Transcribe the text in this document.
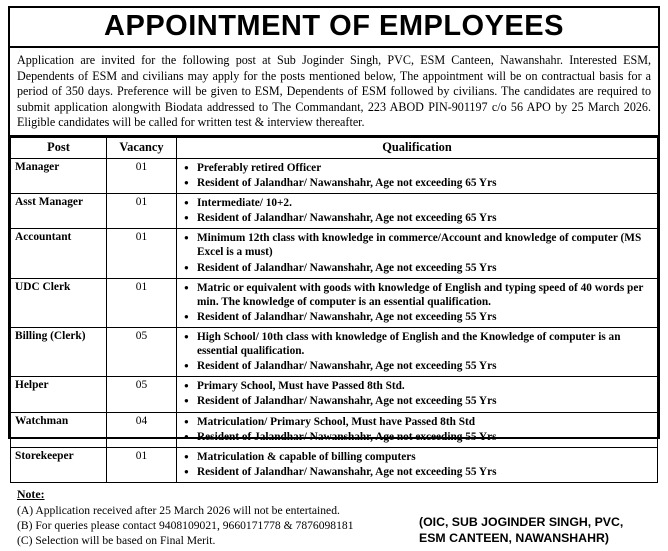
APPOINTMENT OF EMPLOYEES
Application are invited for the following post at Sub Joginder Singh, PVC, ESM Canteen, Nawanshahr. Interested ESM, Dependents of ESM and civilians may apply for the posts mentioned below, The appointment will be on contractual basis for a period of 350 days. Preference will be given to ESM, Dependents of ESM followed by civilians. The candidates are required to submit application alongwith Biodata addressed to The Commandant, 223 ABOD PIN-901197 c/o 56 APO by 25 March 2026. Eligible candidates will be called for written test & interview thereafter.
Post	Vacancy	Qualification
Manager	01	
●Preferably retired Officer
● Resident of Jalandhar/ Nawanshahr, Age not exceeding 65 Yrs

Asst Manager	01	
●Intermediate/ 10+2.
● Resident of Jalandhar/ Nawanshahr, Age not exceeding 65 Yrs

Accountant	01	
●Minimum 12th class with knowledge in commerce/Account and knowledge of computer (MS Excel is a must)
● Resident of Jalandhar/ Nawanshahr, Age not exceeding 55 Yrs

UDC Clerk	01	
●Matric or equivalent with goods with knowledge of English and typing speed of 40 words per min. The knowledge of computer is an essential qualification.
● Resident of Jalandhar/ Nawanshahr, Age not exceeding 55 Yrs

Billing (Clerk)	05	
●High School/ 10th class with knowledge of English and the Knowledge of computer is an essential qualification.
● Resident of Jalandhar/ Nawanshahr, Age not exceeding 55 Yrs

Helper	05	
●Primary School, Must have Passed 8th Std.
● Resident of Jalandhar/ Nawanshahr, Age not exceeding 55 Yrs

Watchman	04	
●Matriculation/ Primary School, Must have Passed 8th Std
● Resident of Jalandhar/ Nawanshahr, Age not exceeding 55 Yrs

Storekeeper	01	
●Matriculation & capable of billing computers
● Resident of Jalandhar/ Nawanshahr, Age not exceeding 55 Yrs
Note:
(A) Application received after 25 March 2026 will not be entertained.
(B) For queries please contact 9408109021, 9660171778 & 7876098181
(C) Selection will be based on Final Merit.
(OIC, SUB JOGINDER SINGH, PVC,
ESM CANTEEN, NAWANSHAHR)
